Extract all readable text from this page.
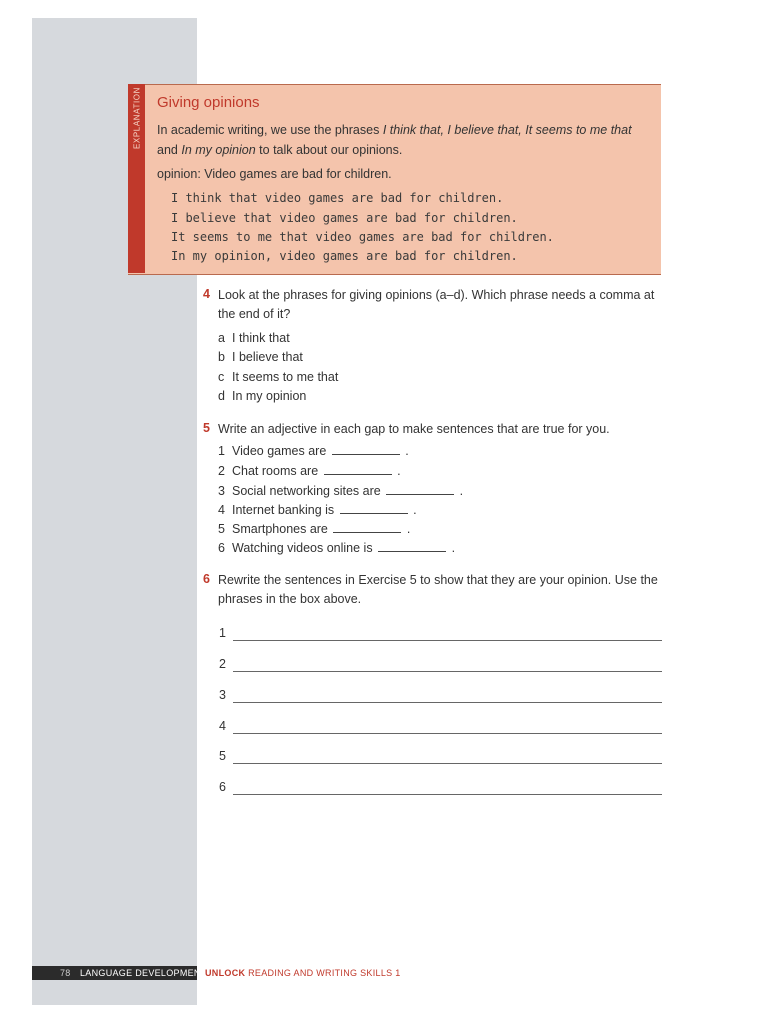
EXPLANATION Giving opinions
In academic writing, we use the phrases I think that, I believe that, It seems to me that and In my opinion to talk about our opinions.
opinion: Video games are bad for children.
I think that video games are bad for children.
I believe that video games are bad for children.
It seems to me that video games are bad for children.
In my opinion, video games are bad for children.
4 Look at the phrases for giving opinions (a–d). Which phrase needs a comma at the end of it?
a I think that
b I believe that
c It seems to me that
d In my opinion
5 Write an adjective in each gap to make sentences that are true for you.
1 Video games are	.
2 Chat rooms are	.
3 Social networking sites are	.
4 Internet banking is	.
5 Smartphones are	.
6 Watching videos online is	.
6 Rewrite the sentences in Exercise 5 to show that they are your opinion. Use the phrases in the box above.
1
2
3
4
5
6
78 LANGUAGE DEVELOPMENT
UNLOCK READING AND WRITING SKILLS 1
